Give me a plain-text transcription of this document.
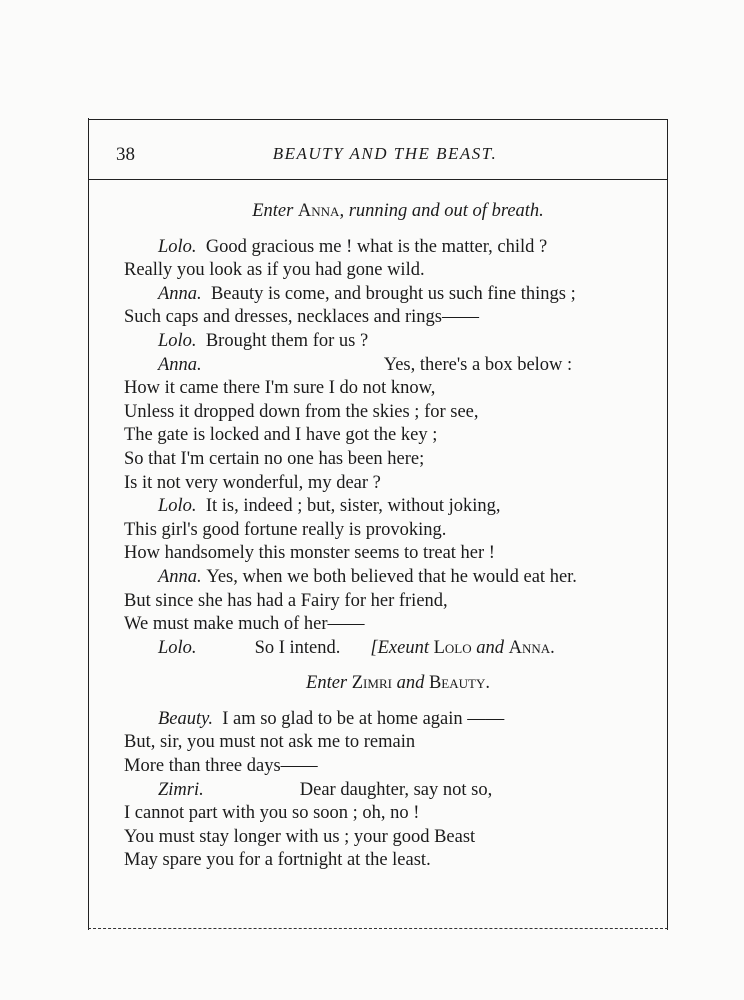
38	BEAUTY AND THE BEAST.
Enter Anna, running and out of breath.
Lolo. Good gracious me ! what is the matter, child ?
Really you look as if you had gone wild.
Anna. Beauty is come, and brought us such fine things ;
Such caps and dresses, necklaces and rings——
Lolo. Brought them for us ?
Anna.	Yes, there's a box below :
How it came there I'm sure I do not know,
Unless it dropped down from the skies ; for see,
The gate is locked and I have got the key ;
So that I'm certain no one has been here;
Is it not very wonderful, my dear ?
Lolo. It is, indeed ; but, sister, without joking,
This girl's good fortune really is provoking.
How handsomely this monster seems to treat her !
Anna. Yes, when we both believed that he would eat her.
But since she has had a Fairy for her friend,
We must make much of her——
Lolo.	So I intend. [Exeunt Lolo and Anna.
Enter Zimri and Beauty.
Beauty. I am so glad to be at home again ——
But, sir, you must not ask me to remain
More than three days——
Zimri.	Dear daughter, say not so,
I cannot part with you so soon ; oh, no !
You must stay longer with us ; your good Beast
May spare you for a fortnight at the least.
